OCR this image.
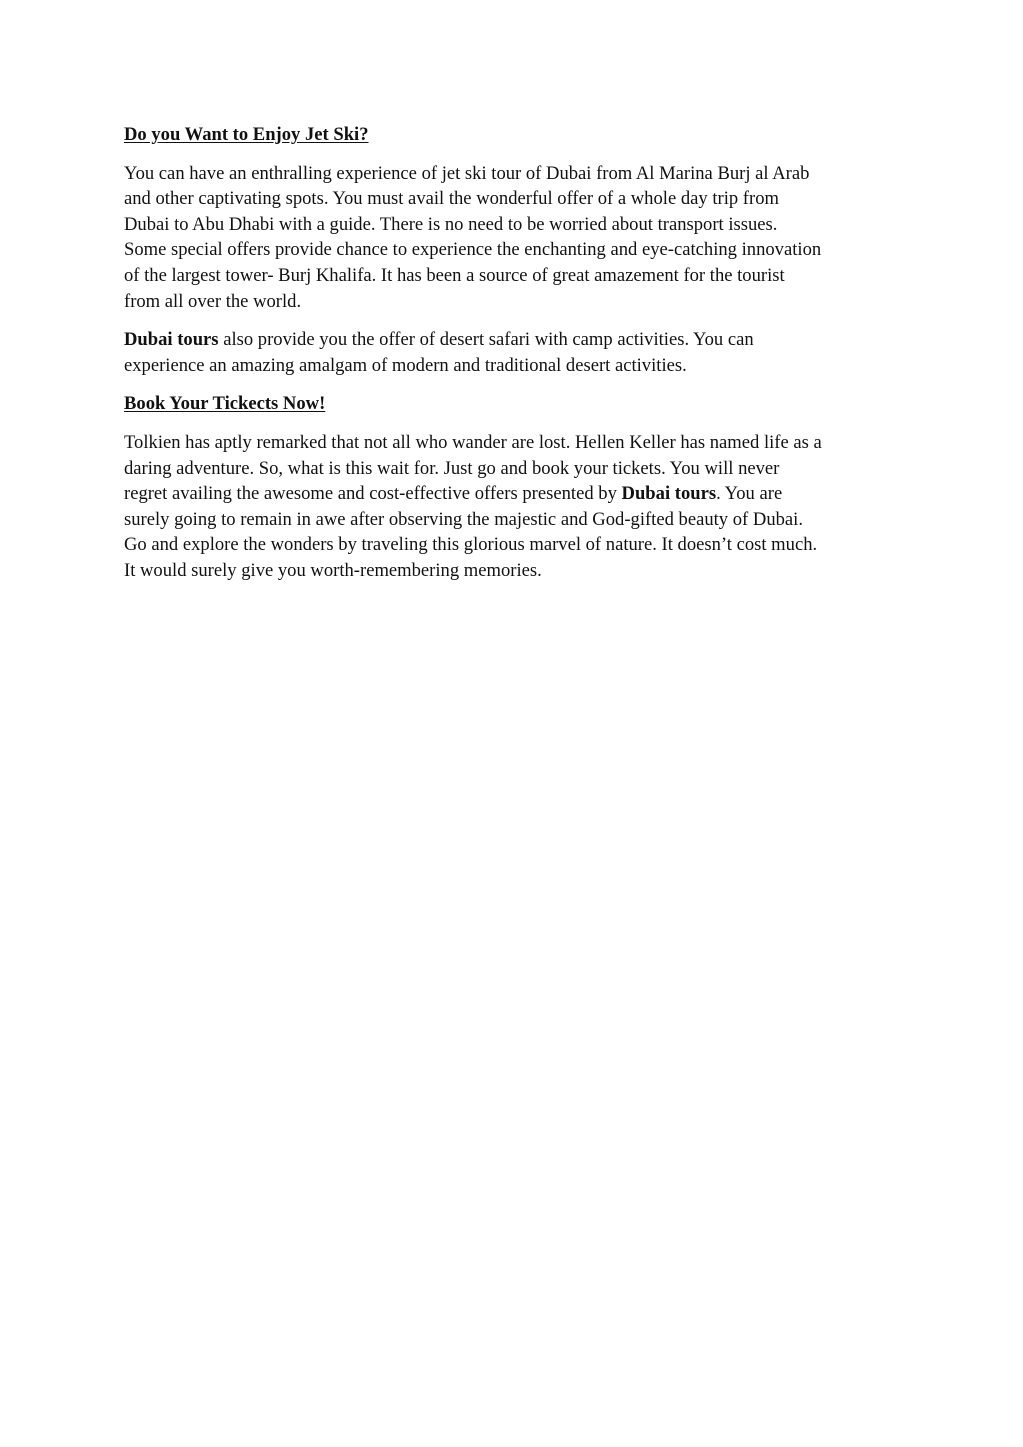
Do you Want to Enjoy Jet Ski?
You can have an enthralling experience of jet ski tour of Dubai from Al Marina Burj al Arab
and other captivating spots. You must avail the wonderful offer of a whole day trip from
Dubai to Abu Dhabi with a guide. There is no need to be worried about transport issues.
Some special offers provide chance to experience the enchanting and eye-catching innovation
of the largest tower- Burj Khalifa. It has been a source of great amazement for the tourist
from all over the world.
Dubai tours also provide you the offer of desert safari with camp activities. You can
experience an amazing amalgam of modern and traditional desert activities.
Book Your Tickects Now!
Tolkien has aptly remarked that not all who wander are lost. Hellen Keller has named life as a
daring adventure. So, what is this wait for. Just go and book your tickets. You will never
regret availing the awesome and cost-effective offers presented by Dubai tours. You are
surely going to remain in awe after observing the majestic and God-gifted beauty of Dubai.
Go and explore the wonders by traveling this glorious marvel of nature. It doesn’t cost much.
It would surely give you worth-remembering memories.
